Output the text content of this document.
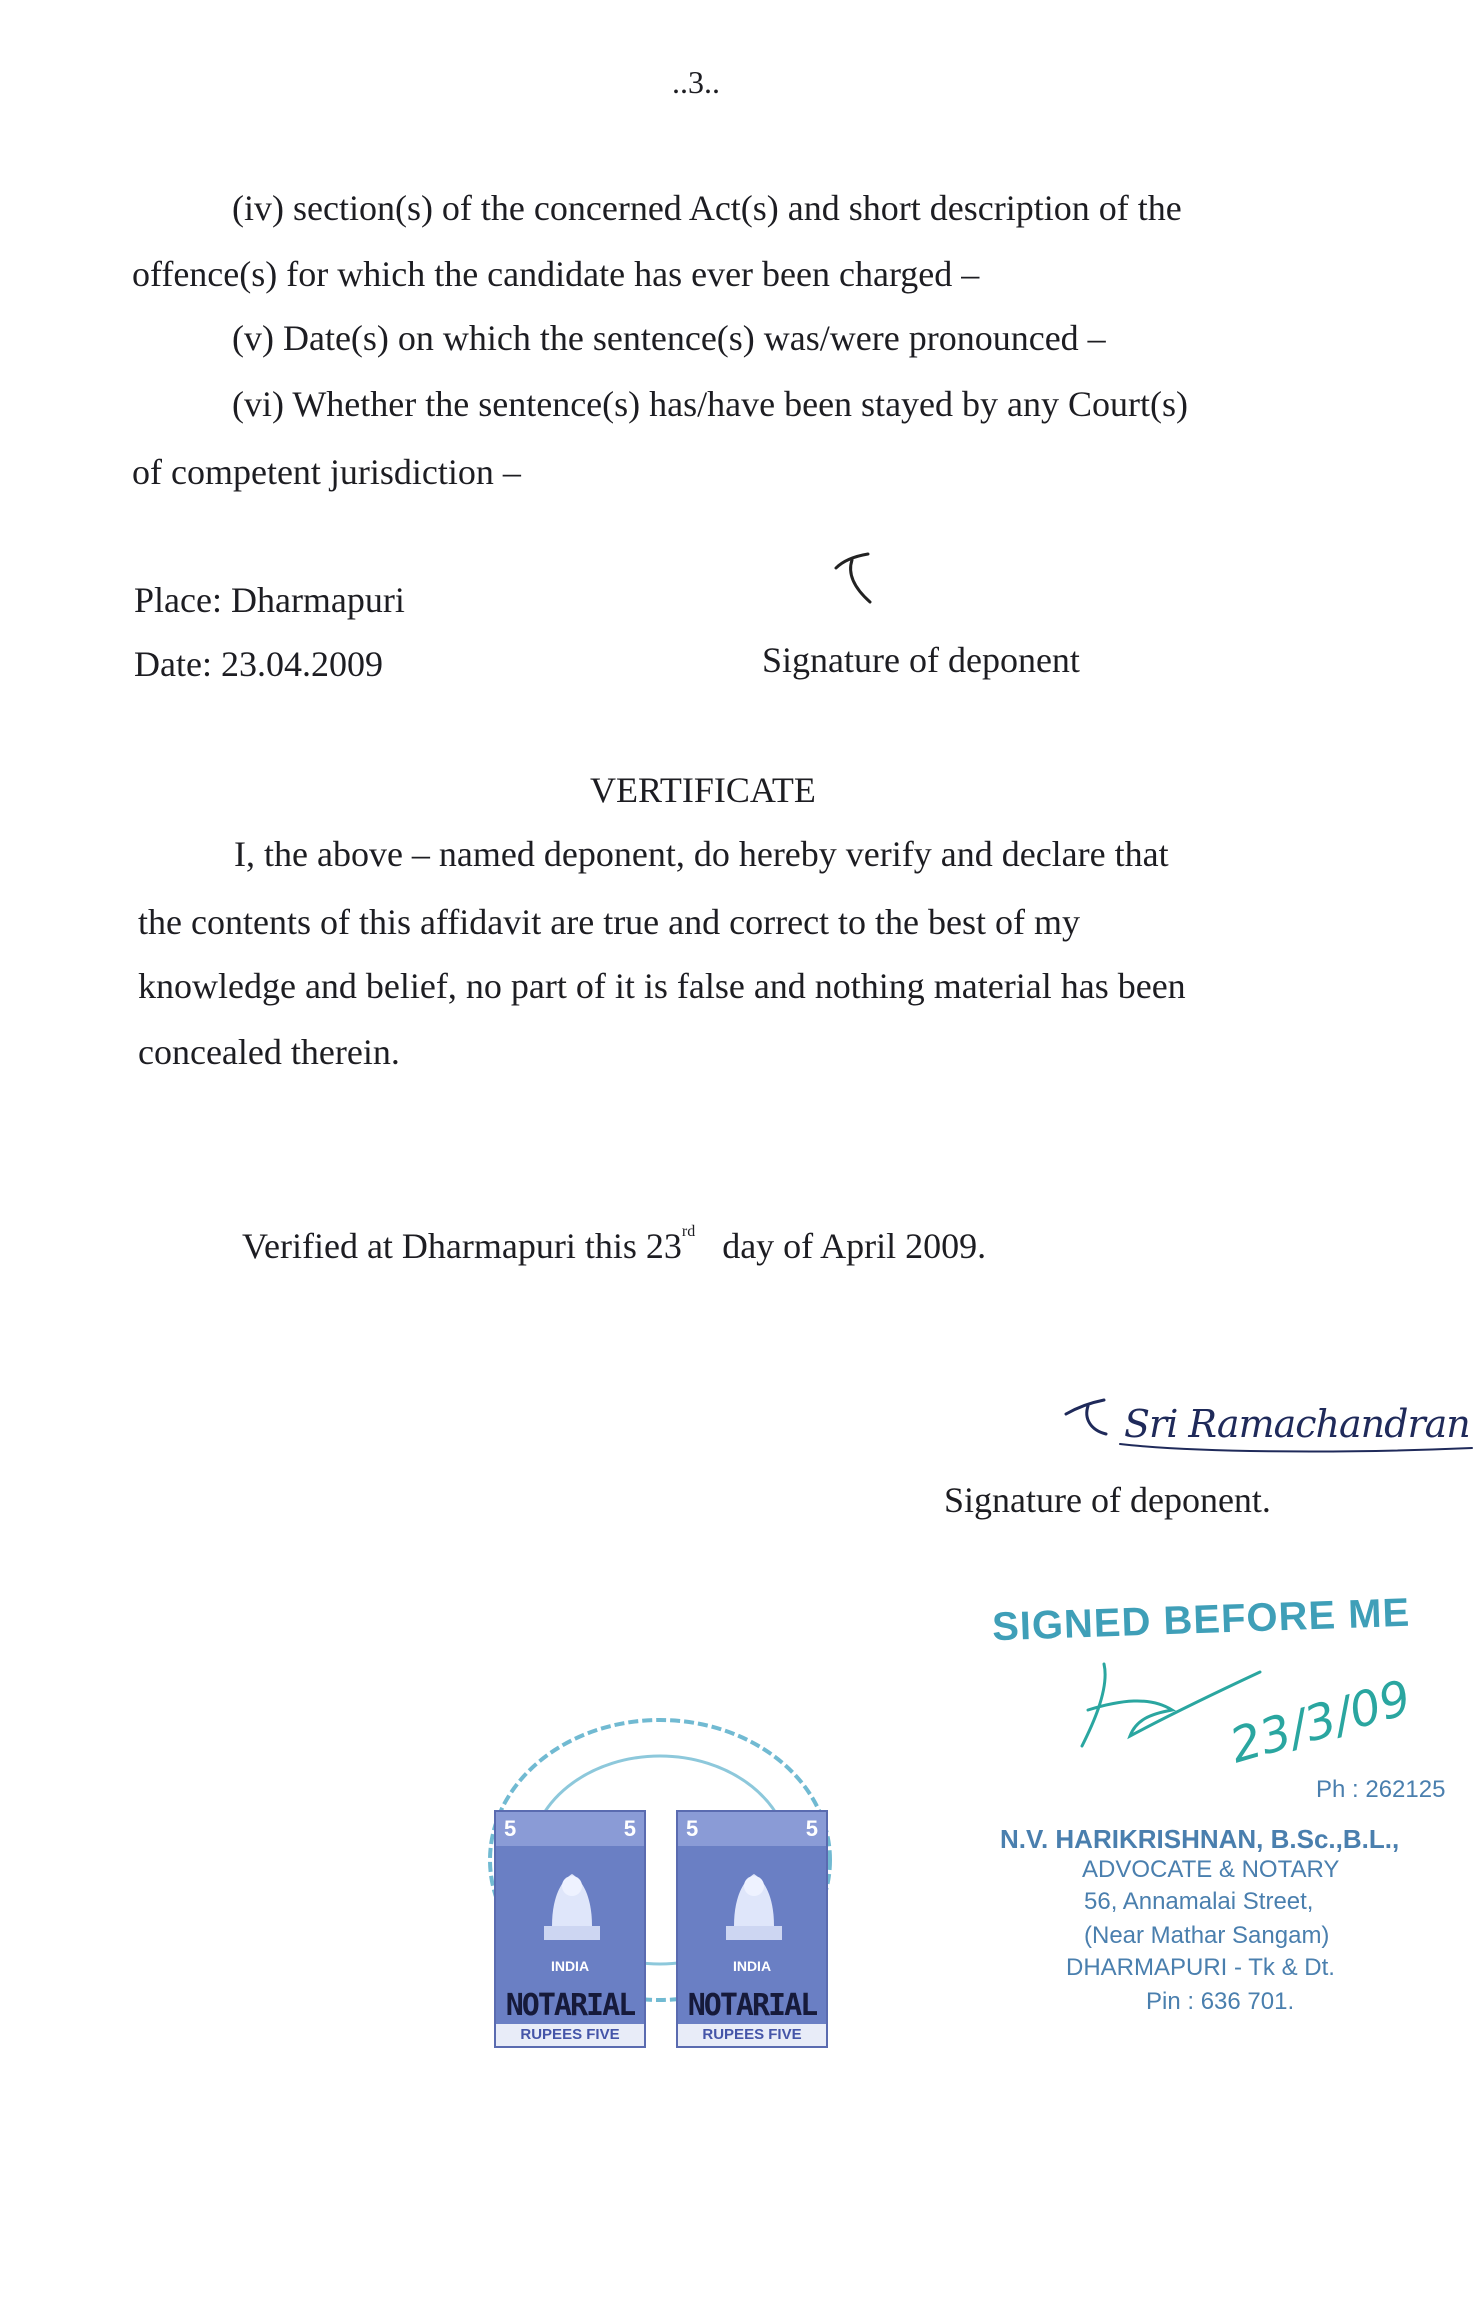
..3..
(iv) section(s) of the concerned Act(s) and short description of the
offence(s) for which the candidate has ever been charged –
(v) Date(s) on which the sentence(s) was/were pronounced –
(vi) Whether the sentence(s) has/have been stayed by any Court(s)
of competent jurisdiction –
Place: Dharmapuri
Date: 23.04.2009	Signature of deponent
VERTIFICATE
I, the above – named deponent, do hereby verify and declare that
the contents of this affidavit are true and correct to the best of my
knowledge and belief, no part of it is false and nothing material has been
concealed therein.
Verified at Dharmapuri this 23rd day of April 2009.
Sri Ramachandran
Signature of deponent.
SIGNED BEFORE ME
23/3/09
Ph : 262125
N.V. HARIKRISHNAN, B.Sc.,B.L.,
ADVOCATE & NOTARY
56, Annamalai Street,
(Near Mathar Sangam)
DHARMAPURI - Tk & Dt.
Pin : 636 701.
5	5
INDIA
NOTARIAL
RUPEES FIVE
5	5
INDIA
NOTARIAL
RUPEES FIVE
